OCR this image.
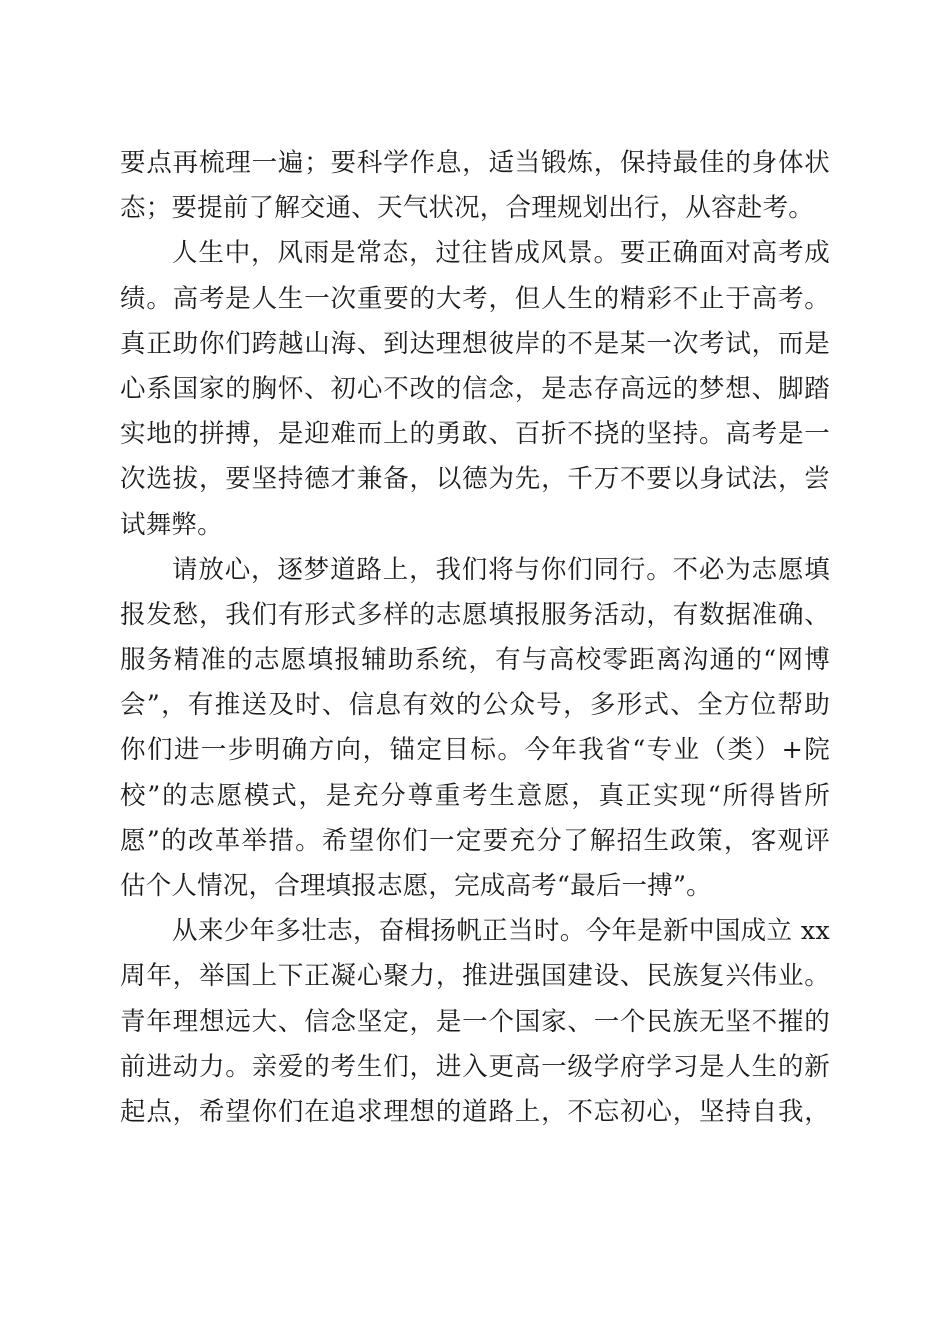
要点再梳理一遍；要科学作息，适当锻炼，保持最佳的身体状
态；要提前了解交通、天气状况，合理规划出行，从容赴考。
人生中，风雨是常态，过往皆成风景。要正确面对高考成
绩。高考是人生一次重要的大考，但人生的精彩不止于高考。
真正助你们跨越山海、到达理想彼岸的不是某一次考试，而是
心系国家的胸怀、初心不改的信念，是志存高远的梦想、脚踏
实地的拼搏，是迎难而上的勇敢、百折不挠的坚持。高考是一
次选拔，要坚持德才兼备，以德为先，千万不要以身试法，尝
试舞弊。
请放心，逐梦道路上，我们将与你们同行。不必为志愿填
报发愁，我们有形式多样的志愿填报服务活动，有数据准确、
服务精准的志愿填报辅助系统，有与高校零距离沟通的“网博
会”，有推送及时、信息有效的公众号，多形式、全方位帮助
你们进一步明确方向，锚定目标。今年我省“专业（类）+院
校”的志愿模式，是充分尊重考生意愿，真正实现“所得皆所
愿”的改革举措。希望你们一定要充分了解招生政策，客观评
估个人情况，合理填报志愿，完成高考“最后一搏”。
从来少年多壮志，奋楫扬帆正当时。今年是新中国成立 xx
周年，举国上下正凝心聚力，推进强国建设、民族复兴伟业。
青年理想远大、信念坚定，是一个国家、一个民族无坚不摧的
前进动力。亲爱的考生们，进入更高一级学府学习是人生的新
起点，希望你们在追求理想的道路上，不忘初心，坚持自我，
